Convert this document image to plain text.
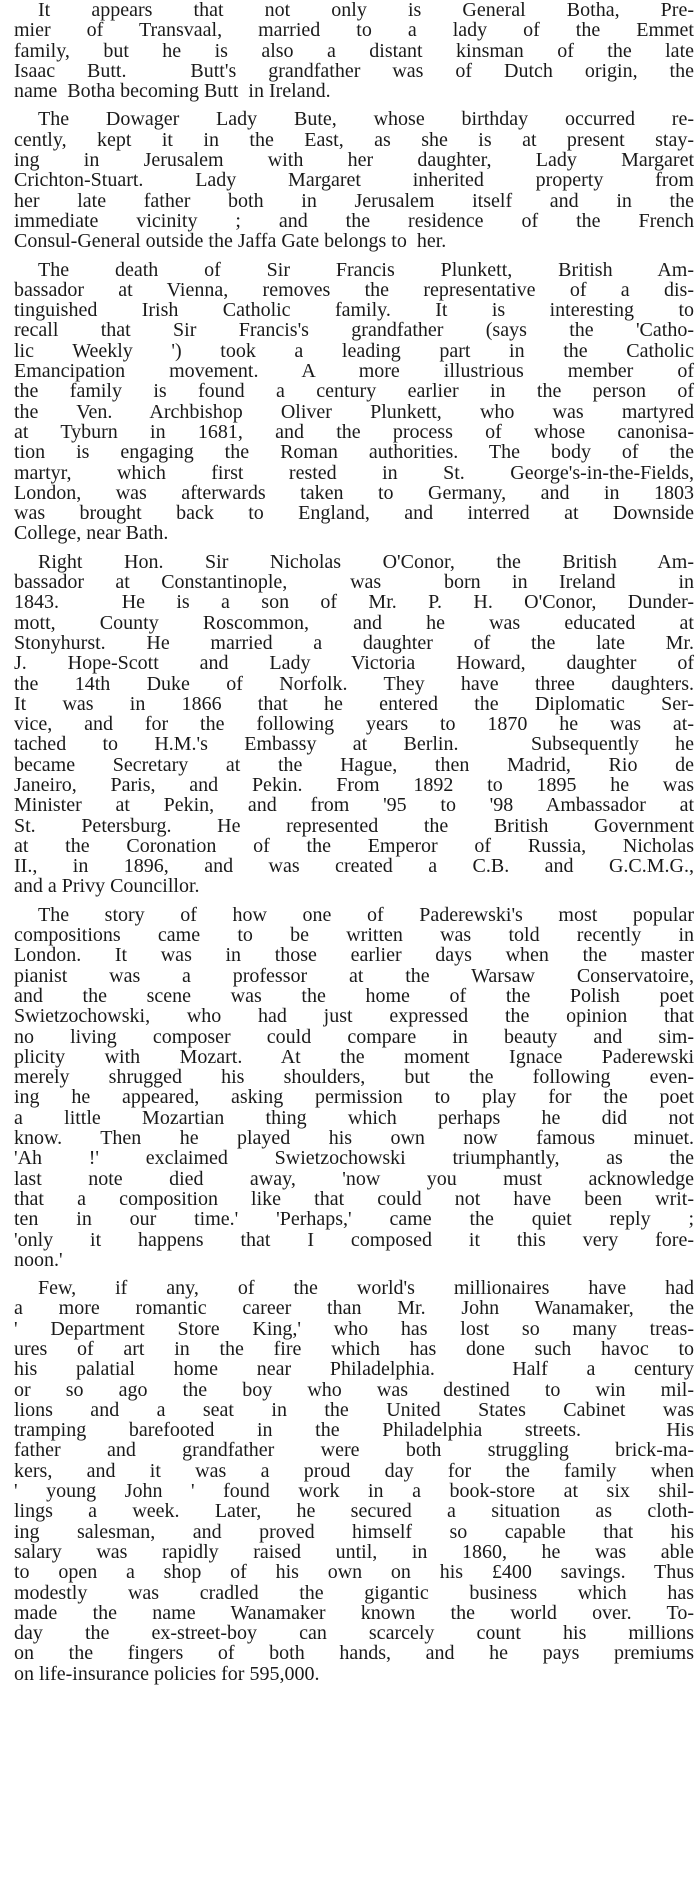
It appears that not only is General Botha, Pre-
mier of Transvaal, married to a lady of the Emmet
family, but he is also a distant kinsman of the late
Isaac Butt.  Butt's grandfather was of Dutch origin, the
name  Botha becoming Butt  in Ireland.
The Dowager Lady Bute, whose birthday occurred re-
cently, kept it in the East, as she is at present stay-
ing in Jerusalem with her daughter, Lady Margaret
Crichton-Stuart. Lady Margaret inherited property from
her late father both in Jerusalem itself and in the
immediate vicinity ; and the residence of the French
Consul-General outside the Jaffa Gate belongs to  her.
The death of Sir Francis Plunkett, British Am-
bassador at Vienna, removes the representative of a dis-
tinguished Irish Catholic family. It is interesting to
recall that Sir Francis's grandfather (says the 'Catho-
lic Weekly ') took a leading part in the Catholic
Emancipation movement. A more illustrious member of
the family is found a century earlier in the person of
the Ven. Archbishop Oliver Plunkett, who was martyred
at Tyburn in 1681, and the process of whose canonisa-
tion is engaging the Roman authorities. The body of the
martyr, which first rested in St. George's-in-the-Fields,
London, was afterwards taken to Germany, and in 1803
was brought back to England, and interred at Downside
College, near Bath.
Right Hon. Sir Nicholas O'Conor, the British Am-
bassador at Constantinople,  was  born in Ireland  in
1843.  He is a son of Mr. P. H. O'Conor, Dunder-
mott, County Roscommon, and he was educated at
Stonyhurst. He married a daughter of the late Mr.
J. Hope-Scott and Lady Victoria Howard, daughter of
the 14th Duke of Norfolk. They have three daughters.
It was in 1866 that he entered the Diplomatic Ser-
vice, and for the following years to 1870 he was at-
tached to H.M.'s Embassy at Berlin.  Subsequently he
became Secretary at the Hague, then Madrid, Rio de
Janeiro, Paris, and Pekin. From 1892 to 1895 he was
Minister at Pekin, and from '95 to '98 Ambassador at
St. Petersburg. He represented the British Government
at the Coronation of the Emperor of Russia, Nicholas
II., in 1896, and was created a C.B. and G.C.M.G.,
and a Privy Councillor.
The story of how one of Paderewski's most popular
compositions came to be written was told recently in
London. It was in those earlier days when the master
pianist was a professor at the Warsaw Conservatoire,
and the scene was the home of the Polish poet
Swietzochowski, who had just expressed the opinion that
no living composer could compare in beauty and sim-
plicity with Mozart. At the moment Ignace Paderewski
merely shrugged his shoulders, but the following even-
ing he appeared, asking permission to play for the poet
a little Mozartian thing which perhaps he did not
know. Then he played his own now famous minuet.
'Ah !' exclaimed Swietzochowski triumphantly, as the
last note died away, 'now you must acknowledge
that a composition like that could not have been writ-
ten in our time.' 'Perhaps,' came the quiet reply ;
'only it happens that I composed it this very fore-
noon.'
Few, if any, of the world's millionaires have had
a more romantic career than Mr. John Wanamaker, the
' Department Store King,' who has lost so many treas-
ures of art in the fire which has done such havoc to
his palatial home near Philadelphia.  Half a century
or so ago the boy who was destined to win mil-
lions and a seat in the United States Cabinet was
tramping barefooted in the Philadelphia streets.  His
father and grandfather were both struggling brick-ma-
kers, and it was a proud day for the family when
' young John ' found work in a book-store at six shil-
lings a week. Later, he secured a situation as cloth-
ing salesman, and proved himself so capable that his
salary was rapidly raised until, in 1860, he was able
to open a shop of his own on his £400 savings. Thus
modestly was cradled the gigantic business which has
made the name Wanamaker known the world over. To-
day the ex-street-boy can scarcely count his millions
on the fingers of both hands, and he pays premiums
on life-insurance policies for 595,000.
